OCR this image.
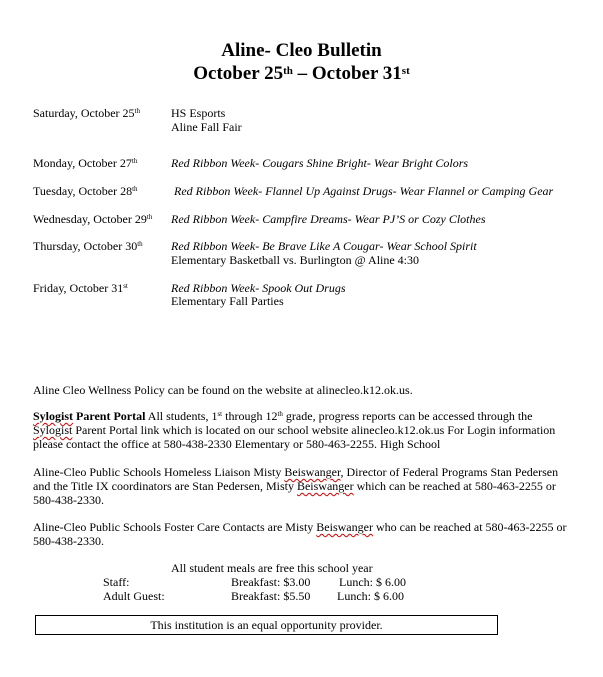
Aline- Cleo Bulletin
October 25th – October 31st
Saturday, October 25th	HS Esports
Aline Fall Fair
Monday, October 27th	Red Ribbon Week- Cougars Shine Bright- Wear Bright Colors
Tuesday, October 28th	Red Ribbon Week- Flannel Up Against Drugs- Wear Flannel or Camping Gear
Wednesday, October 29th Red Ribbon Week- Campfire Dreams- Wear PJ’S or Cozy Clothes
Thursday, October 30th Red Ribbon Week- Be Brave Like A Cougar- Wear School Spirit
Elementary Basketball vs. Burlington @ Aline 4:30
Friday, October 31st	Red Ribbon Week- Spook Out Drugs
Elementary Fall Parties
Aline Cleo Wellness Policy can be found on the website at alinecleo.k12.ok.us.
Sylogist Parent Portal All students, 1st through 12th grade, progress reports can be accessed through the
Sylogist Parent Portal link which is located on our school website alinecleo.k12.ok.us For Login information
please contact the office at 580-438-2330 Elementary or 580-463-2255. High School
Aline-Cleo Public Schools Homeless Liaison Misty Beiswanger, Director of Federal Programs Stan Pedersen
and the Title IX coordinators are Stan Pedersen, Misty Beiswanger which can be reached at 580-463-2255 or
580-438-2330.
Aline-Cleo Public Schools Foster Care Contacts are Misty Beiswanger who can be reached at 580-463-2255 or
580-438-2330.
All student meals are free this school year
Staff:	Breakfast: $3.00 Lunch: $ 6.00
Adult Guest:	Breakfast: $5.50 Lunch: $ 6.00
This institution is an equal opportunity provider.
